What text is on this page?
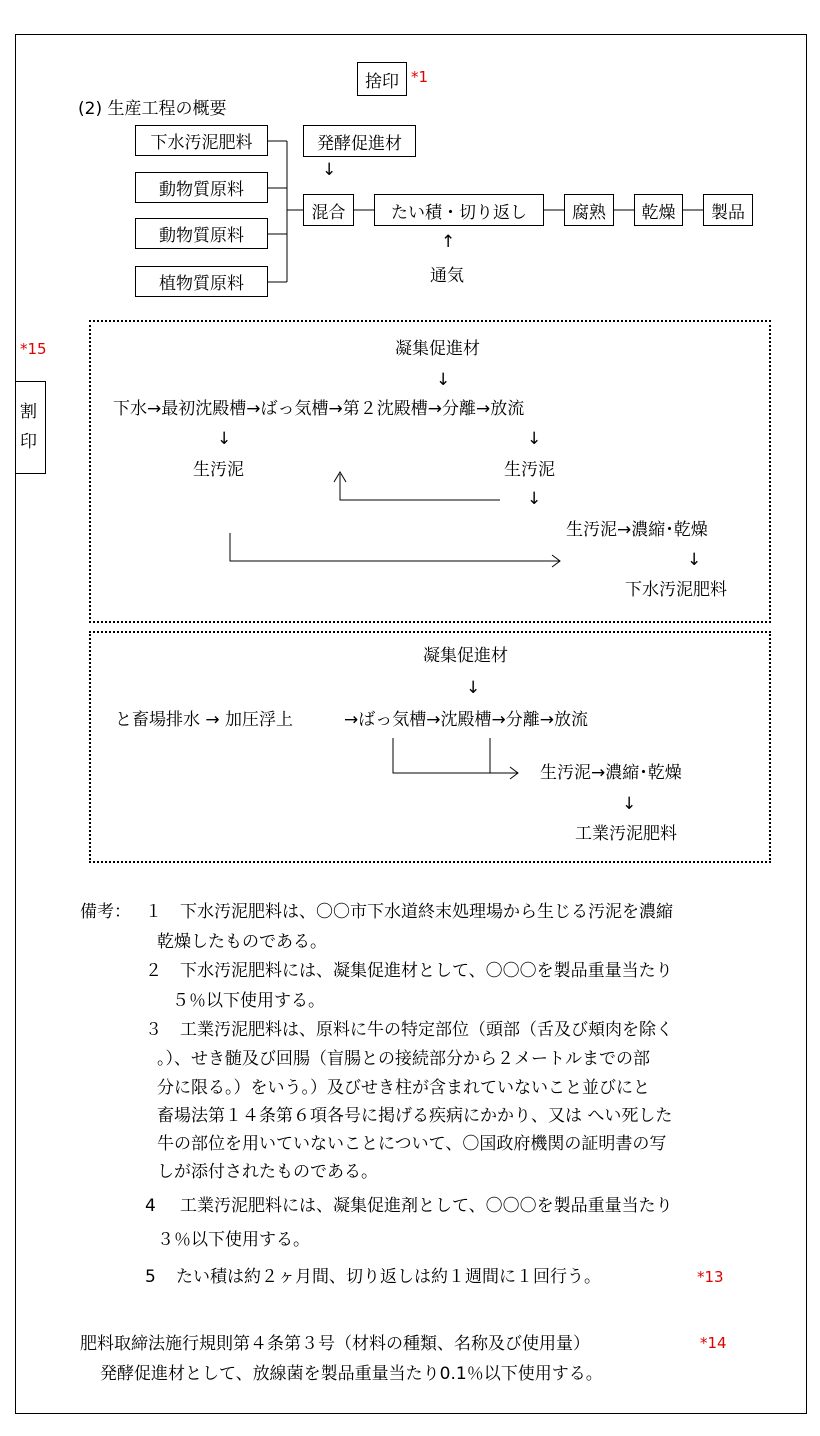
捨印 *1
(2) 生産工程の概要
下水汚泥肥料
動物質原料
動物質原料
植物質原料
発酵促進材
↓
混合	たい積・切り返し	腐熟 乾燥 製品
↑
通気
*15
割
印
凝集促進材
↓
下水→最初沈殿槽→ばっ気槽→第２沈殿槽→分離→放流
↓	↓
生汚泥	生汚泥
↓
生汚泥→濃縮･乾燥
↓
下水汚泥肥料
凝集促進材
↓
と畜場排水 → 加圧浮上	→ばっ気槽→沈殿槽→分離→放流
生汚泥→濃縮･乾燥
↓
工業汚泥肥料
備考： １ 下水汚泥肥料は、〇〇市下水道終末処理場から生じる汚泥を濃縮
乾燥したものである。
２ 下水汚泥肥料には、凝集促進材として、〇〇〇を製品重量当たり
５％以下使用する。
３ 工業汚泥肥料は、原料に牛の特定部位（頭部（舌及び頬肉を除く
。）、せき髄及び回腸（盲腸との接続部分から２メートルまでの部
分に限る。）をいう。）及びせき柱が含まれていないこと並びにと
畜場法第１４条第６項各号に掲げる疾病にかかり、又は へい死した
牛の部位を用いていないことについて、〇国政府機関の証明書の写
しが添付されたものである。
4 工業汚泥肥料には、凝集促進剤として、〇〇〇を製品重量当たり
３％以下使用する。
5 たい積は約２ヶ月間、切り返しは約１週間に１回行う。	*13
肥料取締法施行規則第４条第３号（材料の種類、名称及び使用量）	*14
発酵促進材として、放線菌を製品重量当たり0.1％以下使用する。
